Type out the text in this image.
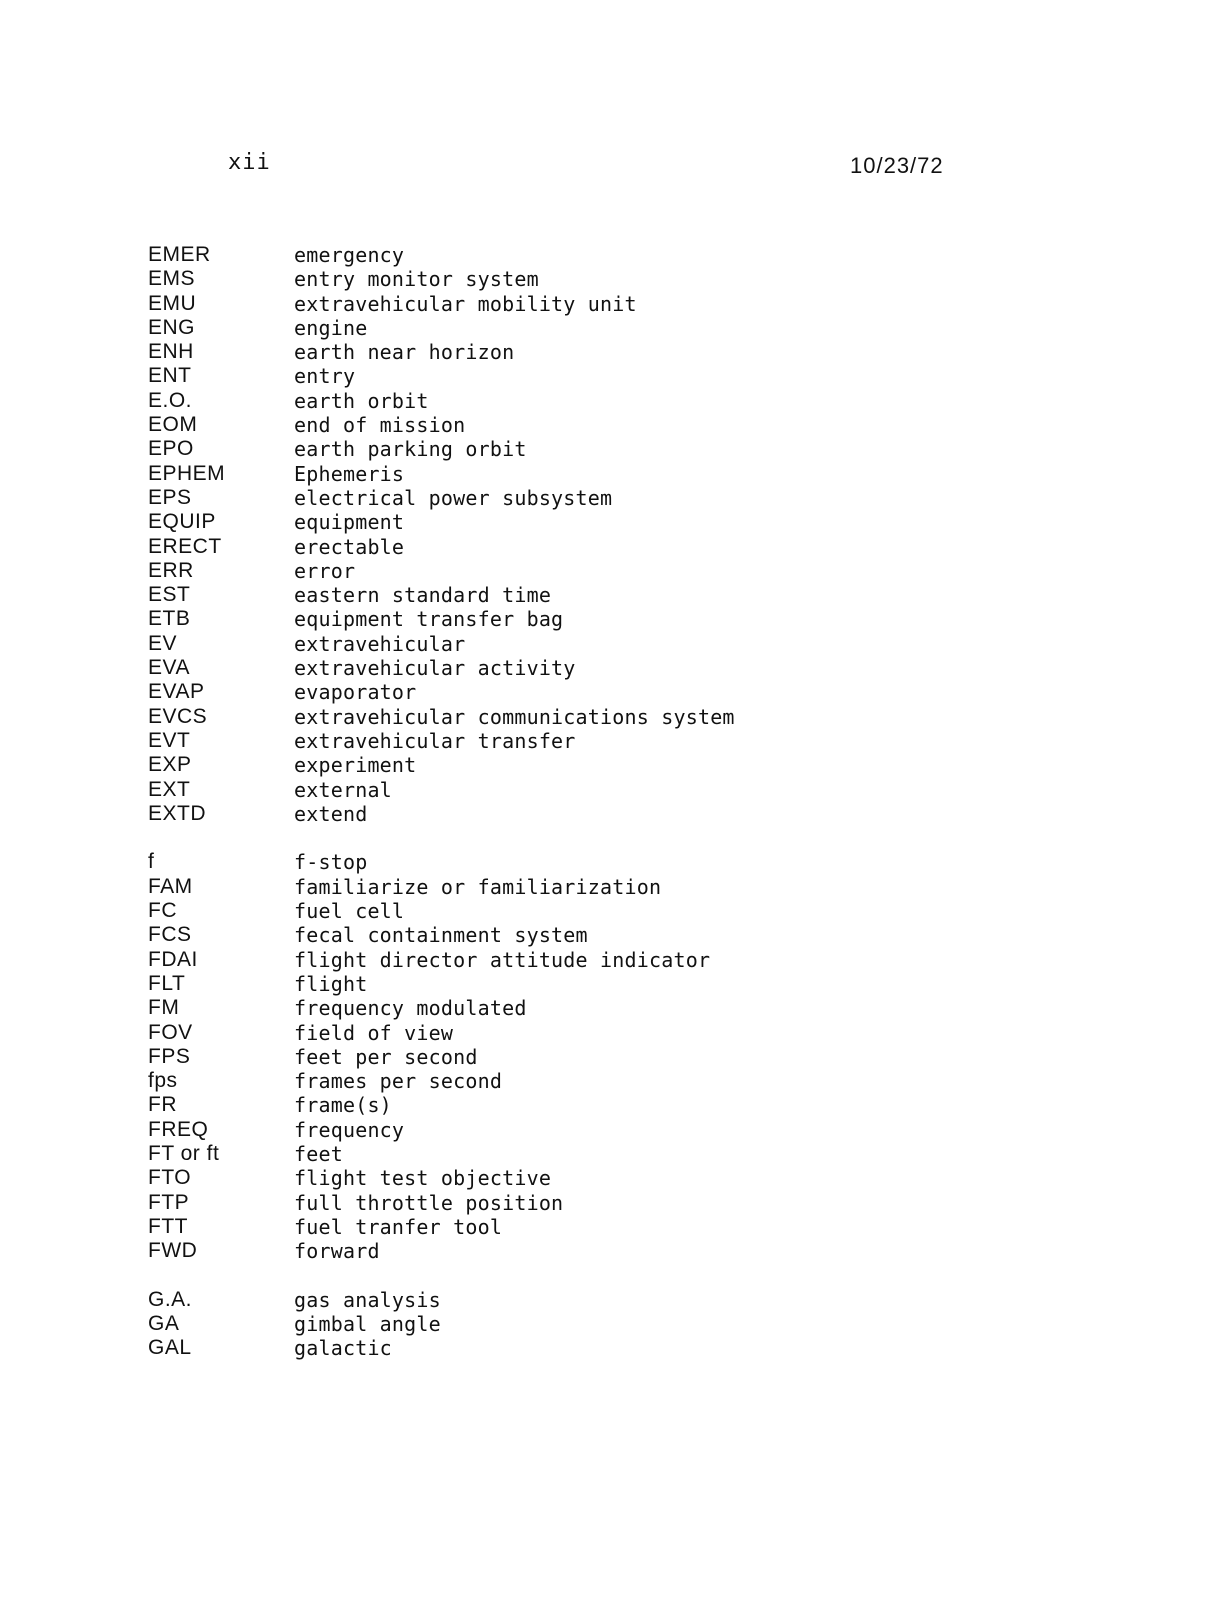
xii	10/23/72
EMER	emergency
EMS	entry monitor system
EMU	extravehicular mobility unit
ENG	engine
ENH	earth near horizon
ENT	entry
E.O.	earth orbit
EOM	end of mission
EPO	earth parking orbit
EPHEM	Ephemeris
EPS	electrical power subsystem
EQUIP	equipment
ERECT	erectable
ERR	error
EST	eastern standard time
ETB	equipment transfer bag
EV	extravehicular
EVA	extravehicular activity
EVAP	evaporator
EVCS	extravehicular communications system
EVT	extravehicular transfer
EXP	experiment
EXT	external
EXTD	extend
f	f-stop
FAM	familiarize or familiarization
FC	fuel cell
FCS	fecal containment system
FDAI	flight director attitude indicator
FLT	flight
FM	frequency modulated
FOV	field of view
FPS	feet per second
fps	frames per second
FR	frame(s)
FREQ	frequency
FT or ft	feet
FTO	flight test objective
FTP	full throttle position
FTT	fuel tranfer tool
FWD	forward
G.A.	gas analysis
GA	gimbal angle
GAL	galactic
